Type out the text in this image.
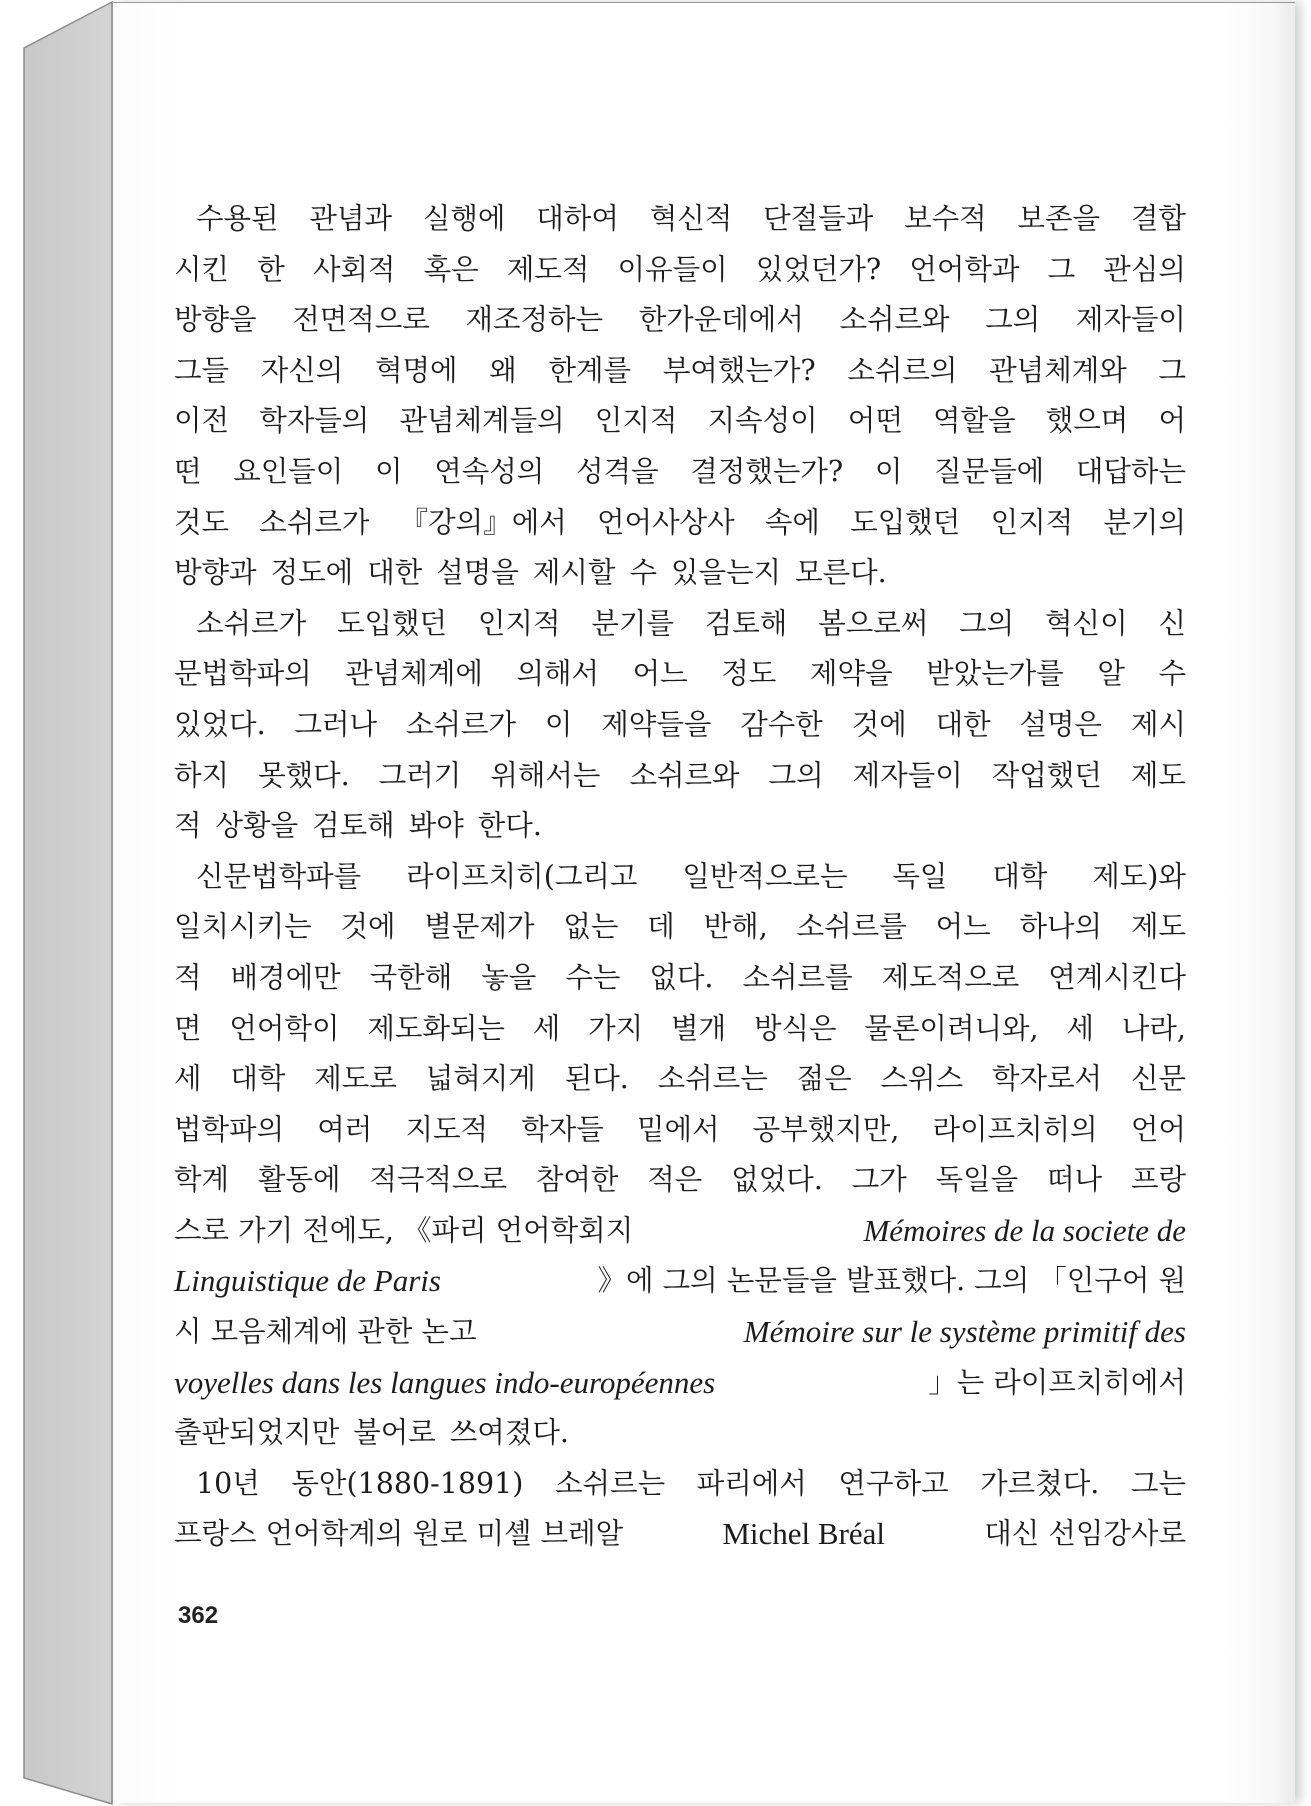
수용된 관념과 실행에 대하여 혁신적 단절들과 보수적 보존을 결합
시킨 한 사회적 혹은 제도적 이유들이 있었던가? 언어학과 그 관심의
방향을 전면적으로 재조정하는 한가운데에서 소쉬르와 그의 제자들이
그들 자신의 혁명에 왜 한계를 부여했는가? 소쉬르의 관념체계와 그
이전 학자들의 관념체계들의 인지적 지속성이 어떤 역할을 했으며 어
떤 요인들이 이 연속성의 성격을 결정했는가? 이 질문들에 대답하는
것도 소쉬르가 『강의』에서 언어사상사 속에 도입했던 인지적 분기의
방향과 정도에 대한 설명을 제시할 수 있을는지 모른다.
소쉬르가 도입했던 인지적 분기를 검토해 봄으로써 그의 혁신이 신
문법학파의 관념체계에 의해서 어느 정도 제약을 받았는가를 알 수
있었다. 그러나 소쉬르가 이 제약들을 감수한 것에 대한 설명은 제시
하지 못했다. 그러기 위해서는 소쉬르와 그의 제자들이 작업했던 제도
적 상황을 검토해 봐야 한다.
신문법학파를 라이프치히(그리고 일반적으로는 독일 대학 제도)와
일치시키는 것에 별문제가 없는 데 반해, 소쉬르를 어느 하나의 제도
적 배경에만 국한해 놓을 수는 없다. 소쉬르를 제도적으로 연계시킨다
면 언어학이 제도화되는 세 가지 별개 방식은 물론이려니와, 세 나라,
세 대학 제도로 넓혀지게 된다. 소쉬르는 젊은 스위스 학자로서 신문
법학파의 여러 지도적 학자들 밑에서 공부했지만, 라이프치히의 언어
학계 활동에 적극적으로 참여한 적은 없었다. 그가 독일을 떠나 프랑
스로 가기 전에도, 《파리 언어학회지	Mémoires de la societe de
Linguistique de Paris	》에 그의 논문들을 발표했다. 그의 「인구어 원
시 모음체계에 관한 논고	Mémoire sur le système primitif des
voyelles dans les langues indo-européennes	」는 라이프치히에서
출판되었지만 불어로 쓰여졌다.
10년 동안(1880-1891) 소쉬르는 파리에서 연구하고 가르쳤다. 그는
프랑스 언어학계의 원로 미셸 브레알	Michel Bréal	대신 선임강사로
362
